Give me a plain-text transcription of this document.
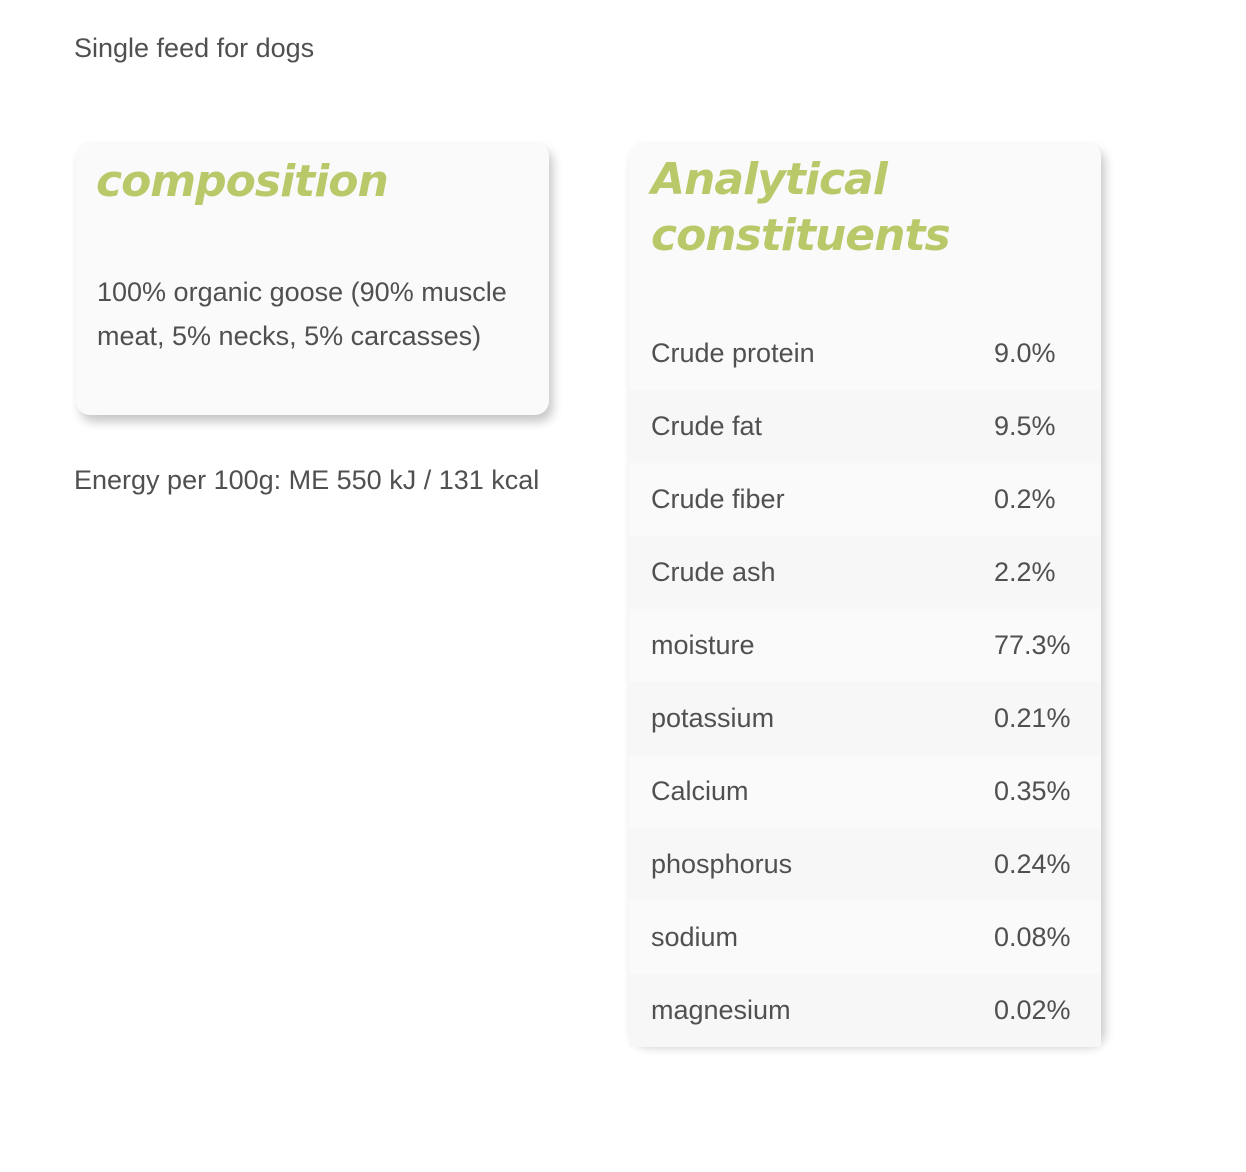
Single feed for dogs
composition
100% organic goose (90% muscle meat, 5% necks, 5% carcasses)
Energy per 100g: ME 550 kJ / 131 kcal
Analytical constituents
Crude protein	9.0%
Crude fat	9.5%
Crude fiber	0.2%
Crude ash	2.2%
moisture	77.3%
potassium	0.21%
Calcium	0.35%
phosphorus	0.24%
sodium	0.08%
magnesium	0.02%
